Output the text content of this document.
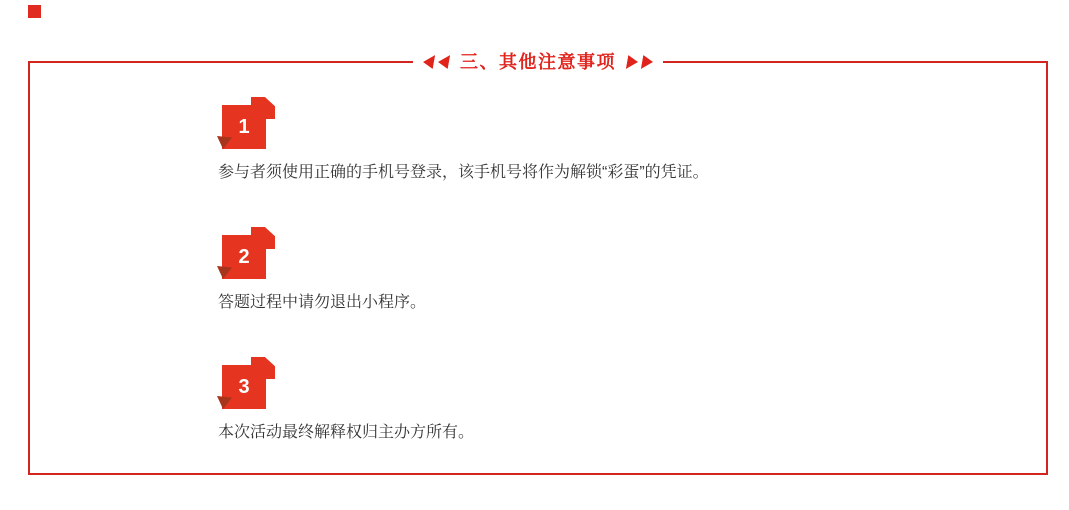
三、其他注意事项
1

参与者须使用正确的手机号登录，该手机号将作为解锁“彩蛋”的凭证。

2

答题过程中请勿退出小程序。

3

本次活动最终解释权归主办方所有。
